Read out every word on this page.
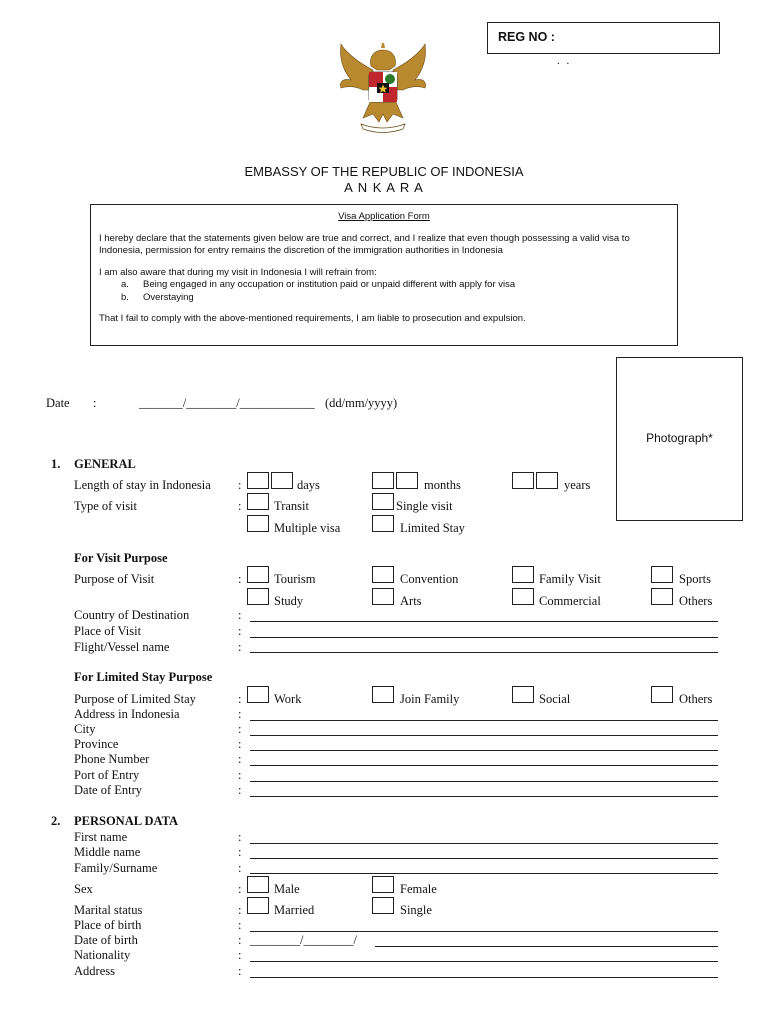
REG NO :
. .
EMBASSY OF THE REPUBLIC OF INDONESIA
A N K A R A
Visa Application Form

I hereby declare that the statements given below are true and correct, and I realize that even though possessing a valid visa to Indonesia, permission for entry remains the discretion of the immigration authorities in Indonesia

I am also aware that during my visit in Indonesia I will refrain from:
a. Being engaged in any occupation or institution paid or unpaid different with apply for visa
b. Overstaying
That I fail to comply with the above-mentioned requirements, I am liable to prosecution and expulsion.
Photograph*
Date :	_______/________/____________ (dd/mm/yyyy)
1. GENERAL
Length of stay in Indonesia :	days	months	years
Type of visit	:	Transit	Single visit
Multiple visa	Limited Stay
For Visit Purpose
Purpose of Visit	:	Tourism	Convention	Family Visit	Sports
Study	Arts	Commercial	Others
Country of Destination	:
Place of Visit	:
Flight/Vessel name	:
For Limited Stay Purpose
Purpose of Limited Stay	:	Work	Join Family	Social	Others
Address in Indonesia	:
City	:
Province	:
Phone Number	:
Port of Entry	:
Date of Entry	:
2. PERSONAL DATA
First name	:
Middle name	:
Family/Surname	:
Sex	:	Male	Female
Marital status	:	Married	Single
Place of birth	:
Date of birth	: ________/________/
Nationality	:
Address	:
